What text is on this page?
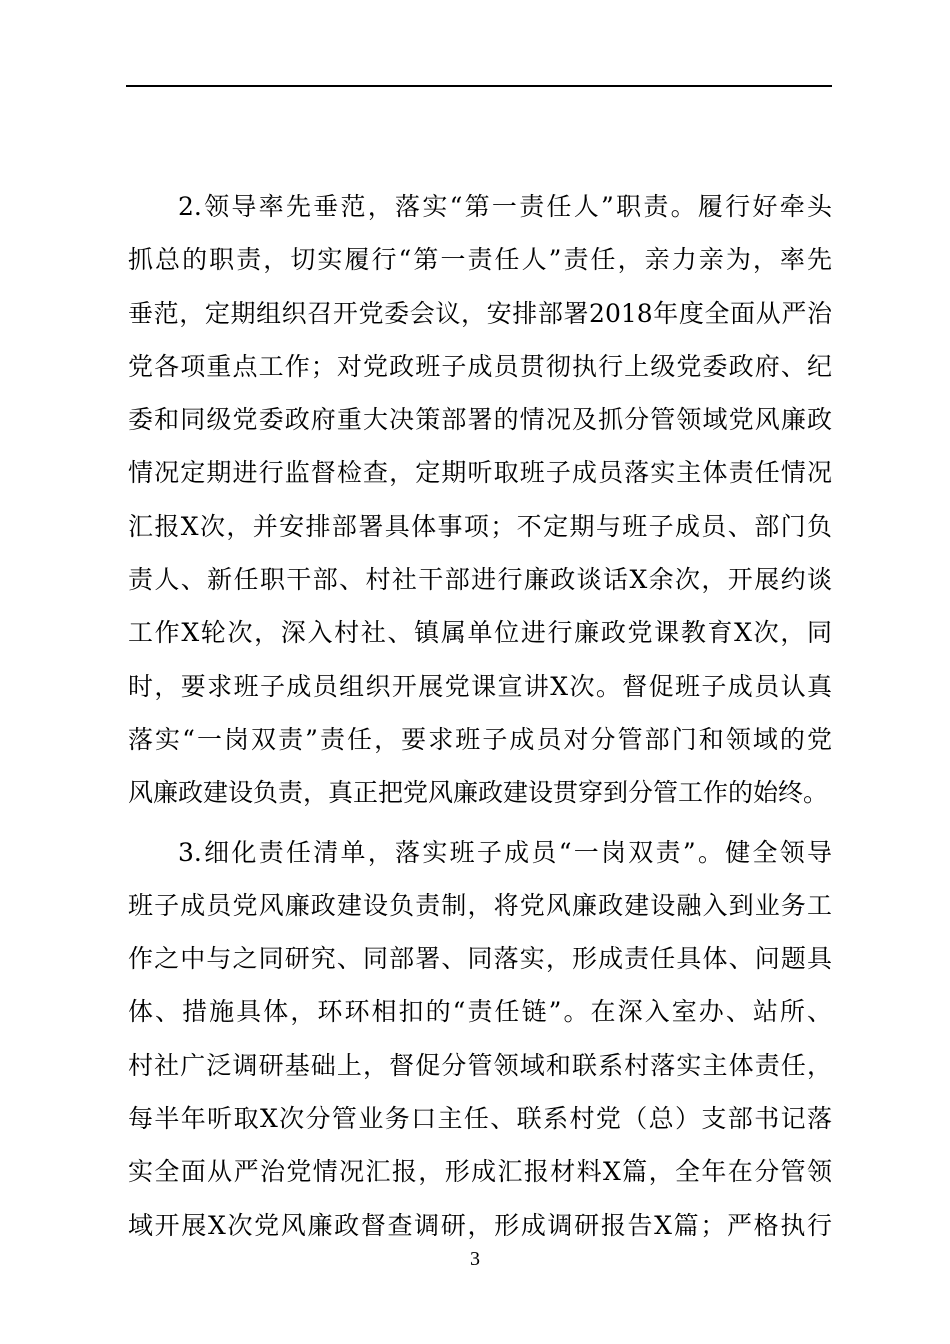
2.领导率先垂范，落实“第一责任人”职责。履行好牵头
抓总的职责，切实履行“第一责任人”责任，亲力亲为，率先
垂范，定期组织召开党委会议，安排部署2018年度全面从严治
党各项重点工作；对党政班子成员贯彻执行上级党委政府、纪
委和同级党委政府重大决策部署的情况及抓分管领域党风廉政
情况定期进行监督检查，定期听取班子成员落实主体责任情况
汇报X次，并安排部署具体事项；不定期与班子成员、部门负
责人、新任职干部、村社干部进行廉政谈话X余次，开展约谈
工作X轮次，深入村社、镇属单位进行廉政党课教育X次，同
时，要求班子成员组织开展党课宣讲X次。督促班子成员认真
落实“一岗双责”责任，要求班子成员对分管部门和领域的党
风廉政建设负责，真正把党风廉政建设贯穿到分管工作的始终。
3.细化责任清单，落实班子成员“一岗双责”。健全领导
班子成员党风廉政建设负责制，将党风廉政建设融入到业务工
作之中与之同研究、同部署、同落实，形成责任具体、问题具
体、措施具体，环环相扣的“责任链”。在深入室办、站所、
村社广泛调研基础上，督促分管领域和联系村落实主体责任，
每半年听取X次分管业务口主任、联系村党（总）支部书记落
实全面从严治党情况汇报，形成汇报材料X篇，全年在分管领
域开展X次党风廉政督查调研，形成调研报告X篇；严格执行
3
